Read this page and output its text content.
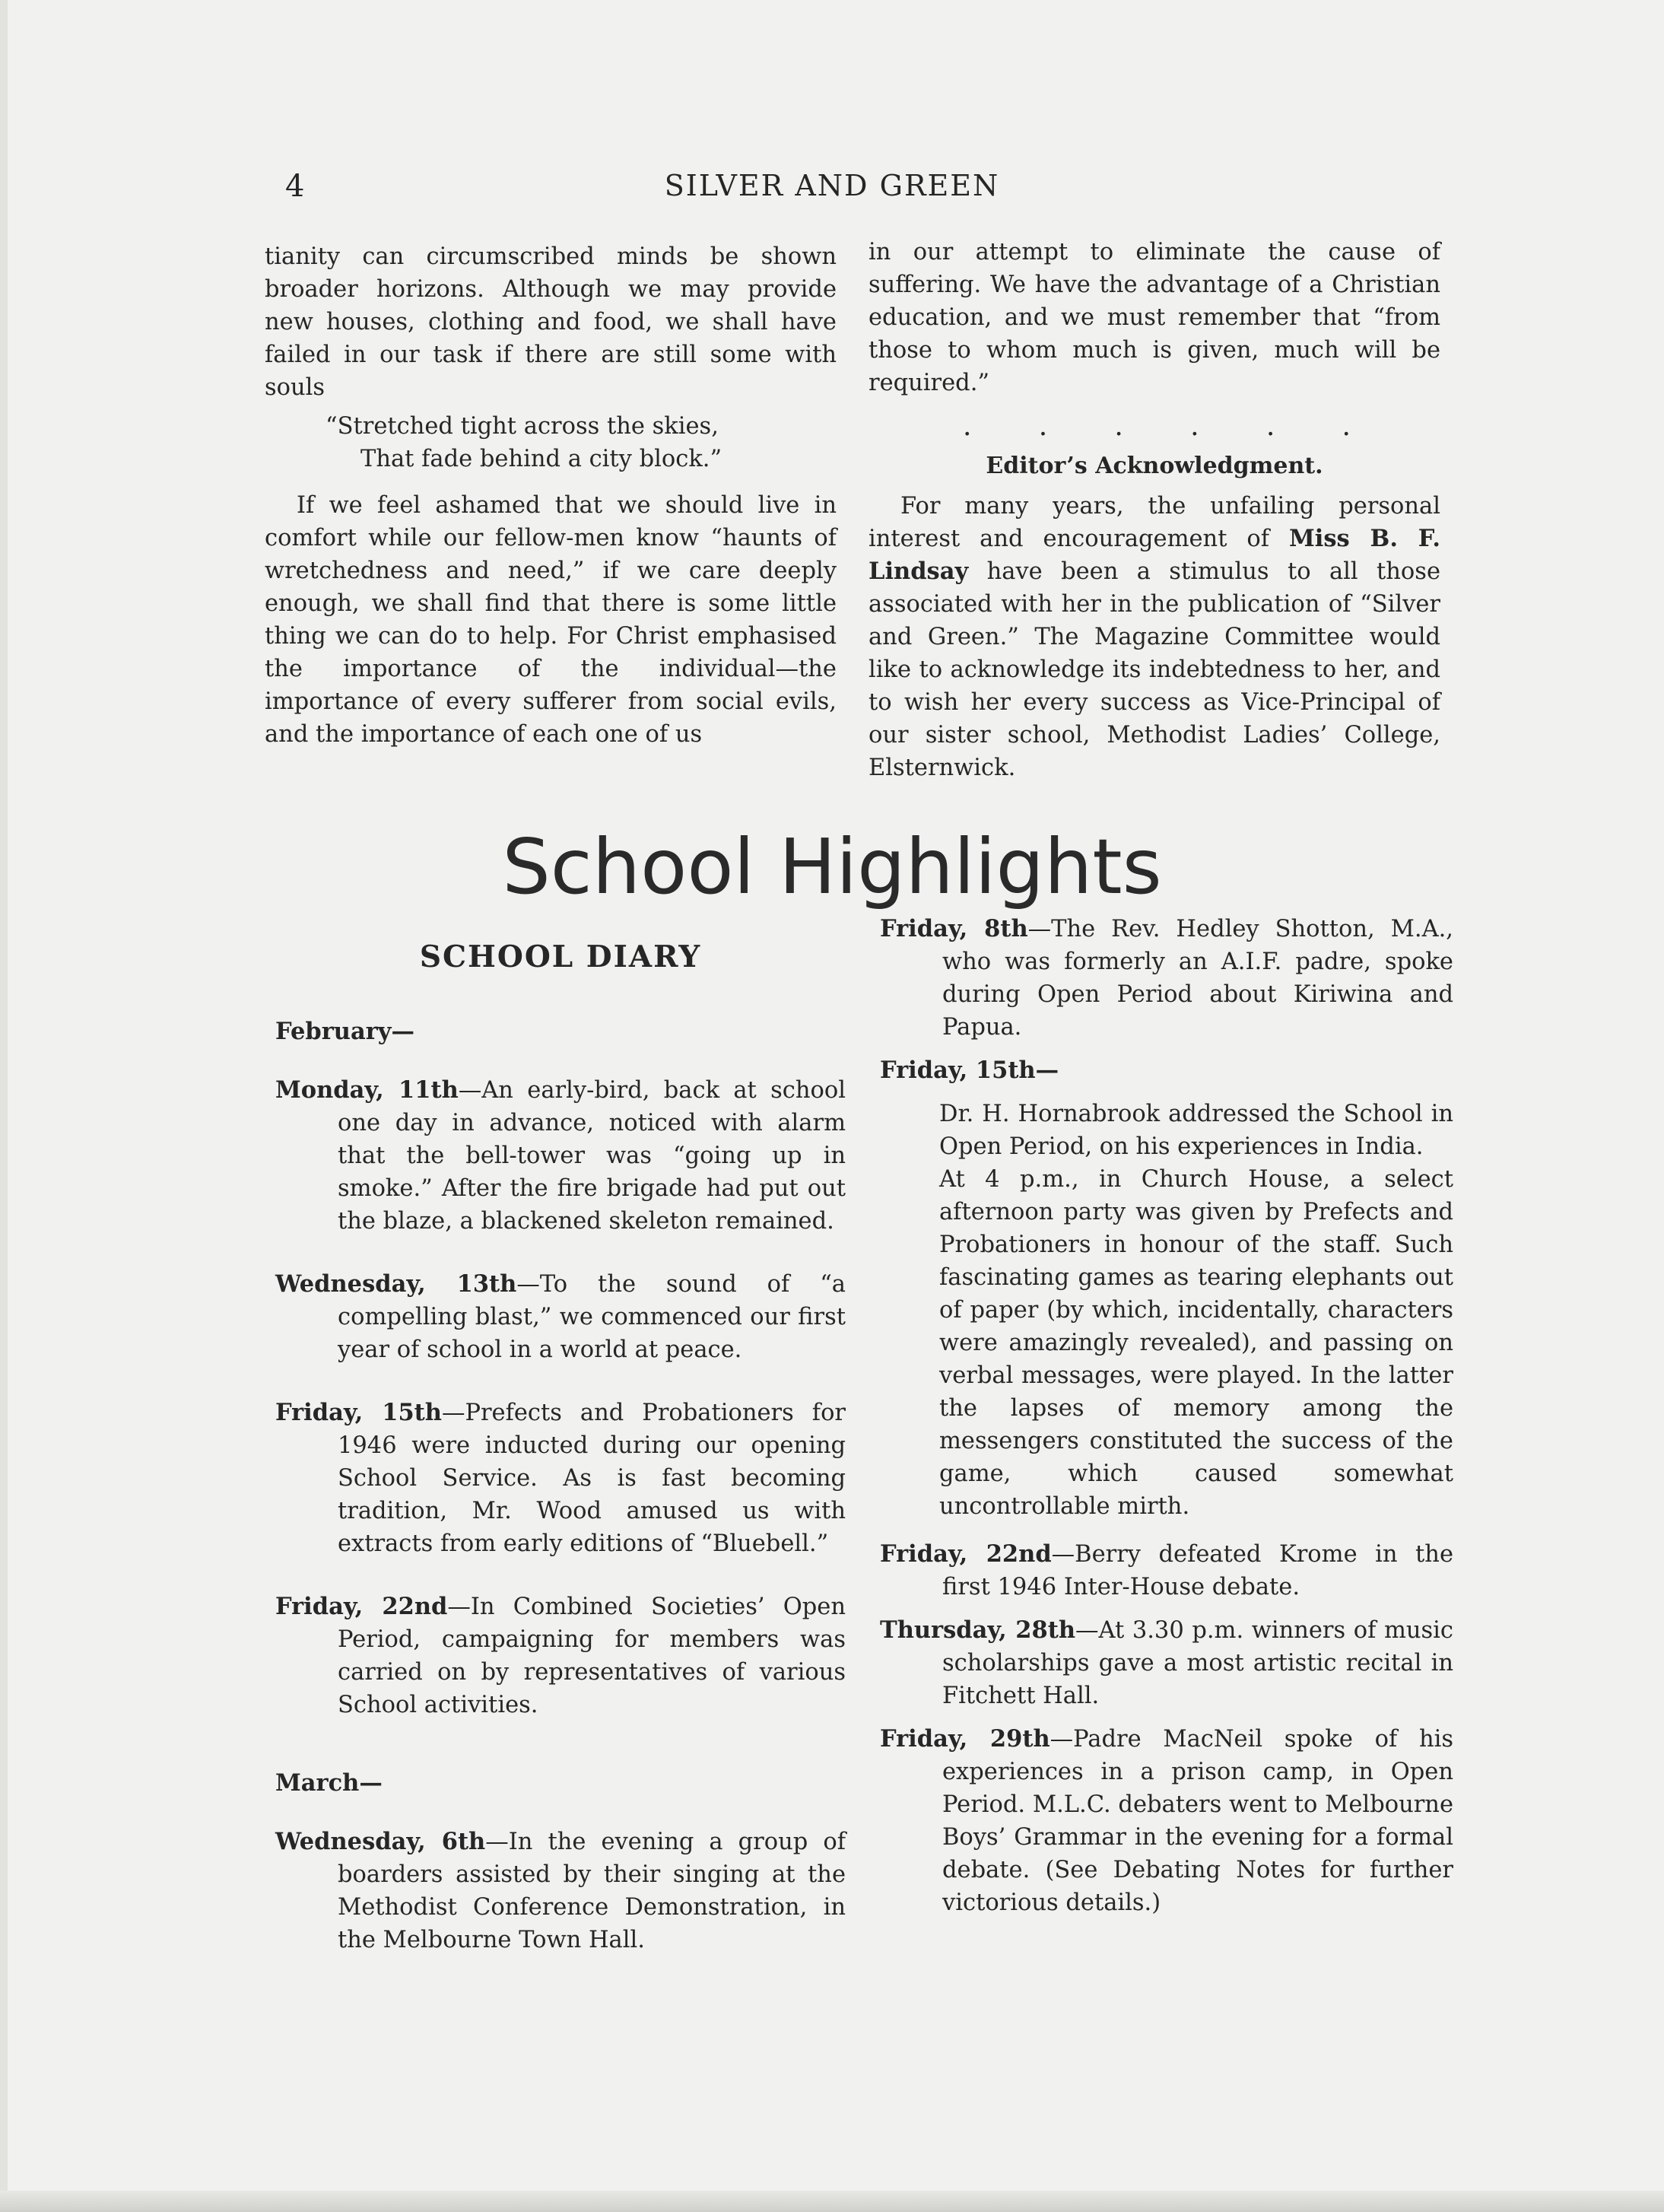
4	SILVER AND GREEN

tianity can circumscribed minds be shown broader horizons. Although we may provide new houses, clothing and food, we shall have failed in our task if there are still some with souls

“Stretched tight across the skies,
That fade behind a city block.”

If we feel ashamed that we should live in comfort while our fellow-men know “haunts of wretchedness and need,” if we care deeply enough, we shall find that there is some little thing we can do to help. For Christ emphasised the importance of the individual—the importance of every sufferer from social evils, and the importance of each one of us

in our attempt to eliminate the cause of suffering. We have the advantage of a Christian education, and we must remember that “from those to whom much is given, much will be required.”

. . . . . .

Editor’s Acknowledgment.

For many years, the unfailing personal interest and encouragement of Miss B. F. Lindsay have been a stimulus to all those associated with her in the publication of “Silver and Green.” The Magazine Committee would like to acknowledge its indebtedness to her, and to wish her every success as Vice-Principal of our sister school, Methodist Ladies’ College, Elsternwick.

School Highlights

SCHOOL DIARY

February—

Monday, 11th—An early-bird, back at school one day in advance, noticed with alarm that the bell-tower was “going up in smoke.” After the fire brigade had put out the blaze, a blackened skeleton remained.

Wednesday, 13th—To the sound of “a compelling blast,” we commenced our first year of school in a world at peace.

Friday, 15th—Prefects and Probationers for 1946 were inducted during our opening School Service. As is fast becoming tradition, Mr. Wood amused us with extracts from early editions of “Bluebell.”

Friday, 22nd—In Combined Societies’ Open Period, campaigning for members was carried on by representatives of various School activities.

March—

Wednesday, 6th—In the evening a group of boarders assisted by their singing at the Methodist Conference Demonstration, in the Melbourne Town Hall.

Friday, 8th—The Rev. Hedley Shotton, M.A., who was formerly an A.I.F. padre, spoke during Open Period about Kiriwina and Papua.

Friday, 15th—

Dr. H. Hornabrook addressed the School in Open Period, on his experiences in India.

At 4 p.m., in Church House, a select afternoon party was given by Prefects and Probationers in honour of the staff. Such fascinating games as tearing elephants out of paper (by which, incidentally, characters were amazingly revealed), and passing on verbal messages, were played. In the latter the lapses of memory among the messengers constituted the success of the game, which caused somewhat uncontrollable mirth.

Friday, 22nd—Berry defeated Krome in the first 1946 Inter-House debate.

Thursday, 28th—At 3.30 p.m. winners of music scholarships gave a most artistic recital in Fitchett Hall.

Friday, 29th—Padre MacNeil spoke of his experiences in a prison camp, in Open Period. M.L.C. debaters went to Melbourne Boys’ Grammar in the evening for a formal debate. (See Debating Notes for further victorious details.)
